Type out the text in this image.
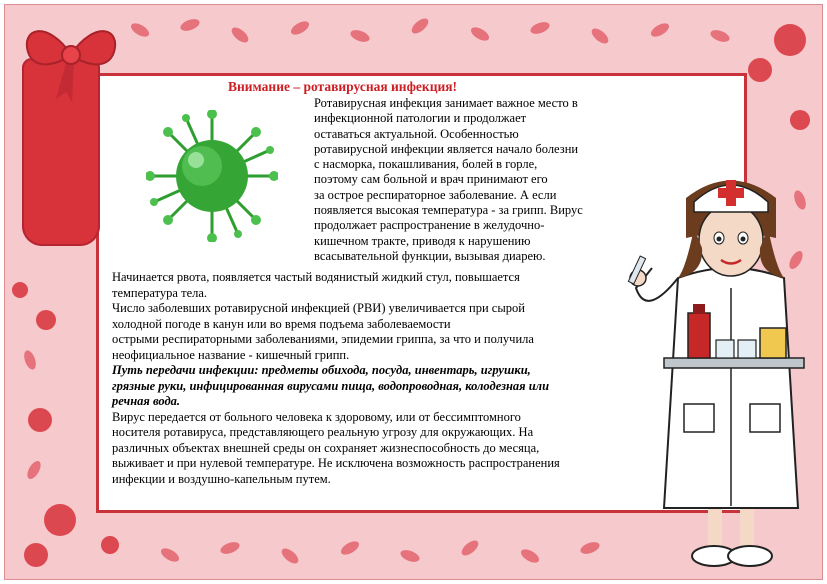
Внимание – ротавирусная инфекция!
Ротавирусная инфекция занимает важное место в
инфекционной патологии и продолжает
оставаться актуальной. Особенностью
ротавирусной инфекции является начало болезни
с насморка, покашливания, болей в горле,
поэтому сам больной и врач принимают его
за острое респираторное заболевание. А если
появляется высокая температура - за грипп. Вирус
продолжает распространение в желудочно-
кишечном тракте, приводя к нарушению
всасывательной функции, вызывая диарею.
Начинается рвота, появляется частый водянистый жидкий стул, повышается
температура тела.
Число заболевших ротавирусной инфекцией (РВИ) увеличивается при сырой
холодной погоде в канун или во время подъема заболеваемости
острыми респираторными заболеваниями, эпидемии гриппа, за что и получила
неофициальное название - кишечный грипп.
Путь передачи инфекции: предметы обихода, посуда, инвентарь, игрушки,
грязные руки, инфицированная вирусами пища, водопроводная, колодезная или
речная вода.
Вирус передается от больного человека к здоровому, или от бессимптомного
носителя ротавируса, представляющего реальную угрозу для окружающих. На
различных объектах внешней среды он сохраняет жизнеспособность до месяца,
выживает и при нулевой температуре. Не исключена возможность распространения
инфекции и воздушно-капельным путем.
